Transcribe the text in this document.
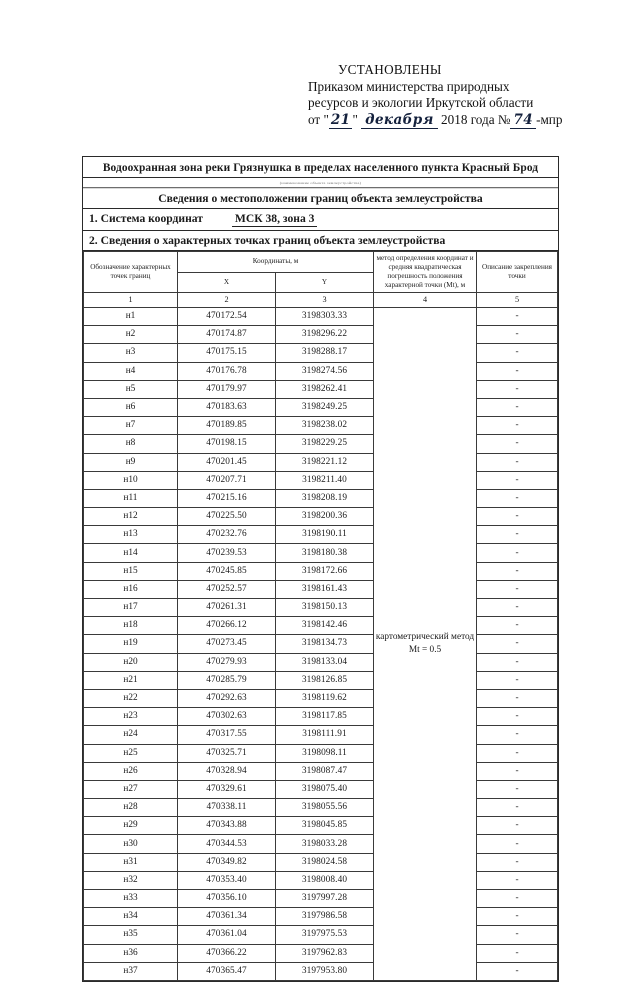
УСТАНОВЛЕНЫ
Приказом министерства природных
ресурсов и экологии Иркутской области
от " 21 " декабря 2018 года № 74 -мпр
Водоохранная зона реки Грязнушка в пределах населенного пункта Красный Брод
(наименование объекта землеустройства)
Сведения о местоположении границ объекта землеустройства
1. Система координат	МСК 38, зона 3
2. Сведения о характерных точках границ объекта землеустройства
Обозначение характерных точек границ	Координаты, м		метод определения координат и средняя квадратическая погрешность положения характерной точки (Mt), м	Описание закрепления точки
	X	Y		
1	2	3	4	5
н1	470172.54	3198303.33	картометрический метод Mt = 0.5	-
н2	470174.87	3198296.22		-
н3	470175.15	3198288.17		-
н4	470176.78	3198274.56		-
н5	470179.97	3198262.41		-
н6	470183.63	3198249.25		-
н7	470189.85	3198238.02		-
н8	470198.15	3198229.25		-
н9	470201.45	3198221.12		-
н10	470207.71	3198211.40		-
н11	470215.16	3198208.19		-
н12	470225.50	3198200.36		-
н13	470232.76	3198190.11		-
н14	470239.53	3198180.38		-
н15	470245.85	3198172.66		-
н16	470252.57	3198161.43		-
н17	470261.31	3198150.13		-
н18	470266.12	3198142.46		-
н19	470273.45	3198134.73		-
н20	470279.93	3198133.04		-
н21	470285.79	3198126.85		-
н22	470292.63	3198119.62		-
н23	470302.63	3198117.85		-
н24	470317.55	3198111.91		-
н25	470325.71	3198098.11		-
н26	470328.94	3198087.47		-
н27	470329.61	3198075.40		-
н28	470338.11	3198055.56		-
н29	470343.88	3198045.85		-
н30	470344.53	3198033.28		-
н31	470349.82	3198024.58		-
н32	470353.40	3198008.40		-
н33	470356.10	3197997.28		-
н34	470361.34	3197986.58		-
н35	470361.04	3197975.53		-
н36	470366.22	3197962.83		-
н37	470365.47	3197953.80		-
